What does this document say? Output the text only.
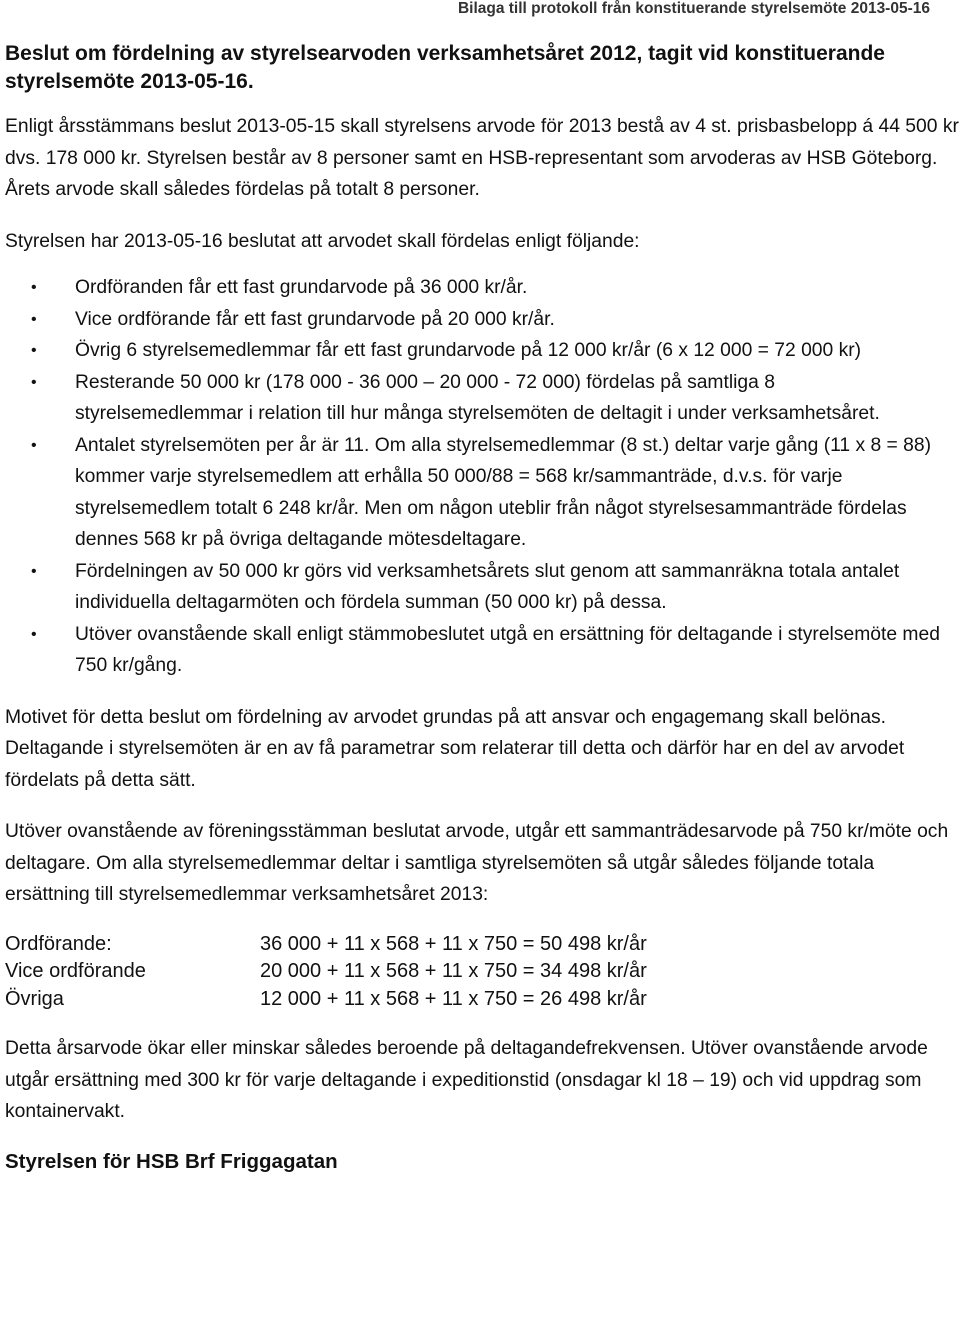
Bilaga till protokoll från konstituerande styrelsemöte 2013-05-16
Beslut om fördelning av styrelsearvoden verksamhetsåret 2012, tagit vid konstituerande styrelsemöte 2013-05-16.

Enligt årsstämmans beslut 2013-05-15 skall styrelsens arvode för 2013 bestå av 4 st. prisbasbelopp á 44 500 kr dvs. 178 000 kr. Styrelsen består av 8 personer samt en HSB-representant som arvoderas av HSB Göteborg. Årets arvode skall således fördelas på totalt 8 personer.

Styrelsen har 2013-05-16 beslutat att arvodet skall fördelas enligt följande:

• Ordföranden får ett fast grundarvode på 36 000 kr/år.
• Vice ordförande får ett fast grundarvode på 20 000 kr/år.
• Övrig 6 styrelsemedlemmar får ett fast grundarvode på 12 000 kr/år (6 x 12 000 = 72 000 kr)
• Resterande 50 000 kr (178 000 - 36 000 – 20 000 - 72 000) fördelas på samtliga 8 styrelsemedlemmar i relation till hur många styrelsemöten de deltagit i under verksamhetsåret.
• Antalet styrelsemöten per år är 11. Om alla styrelsemedlemmar (8 st.) deltar varje gång (11 x 8 = 88) kommer varje styrelsemedlem att erhålla 50 000/88 = 568 kr/sammanträde, d.v.s. för varje styrelsemedlem totalt 6 248 kr/år. Men om någon uteblir från något styrelsesammanträde fördelas dennes 568 kr på övriga deltagande mötesdeltagare.
• Fördelningen av 50 000 kr görs vid verksamhetsårets slut genom att sammanräkna totala antalet individuella deltagarmöten och fördela summan (50 000 kr) på dessa.
• Utöver ovanstående skall enligt stämmobeslutet utgå en ersättning för deltagande i styrelsemöte med 750 kr/gång.

Motivet för detta beslut om fördelning av arvodet grundas på att ansvar och engagemang skall belönas. Deltagande i styrelsemöten är en av få parametrar som relaterar till detta och därför har en del av arvodet fördelats på detta sätt.

Utöver ovanstående av föreningsstämman beslutat arvode, utgår ett sammanträdesarvode på 750 kr/möte och deltagare. Om alla styrelsemedlemmar deltar i samtliga styrelsemöten så utgår således följande totala ersättning till styrelsemedlemmar verksamhetsåret 2013:

Ordförande:	36 000 + 11 x 568 + 11 x 750 = 50 498 kr/år
Vice ordförande	20 000 + 11 x 568 + 11 x 750 = 34 498 kr/år
Övriga	12 000 + 11 x 568 + 11 x 750 = 26 498 kr/år

Detta årsarvode ökar eller minskar således beroende på deltagandefrekvensen. Utöver ovanstående arvode utgår ersättning med 300 kr för varje deltagande i expeditionstid (onsdagar kl 18 – 19) och vid uppdrag som kontainervakt.

Styrelsen för HSB Brf Friggagatan
